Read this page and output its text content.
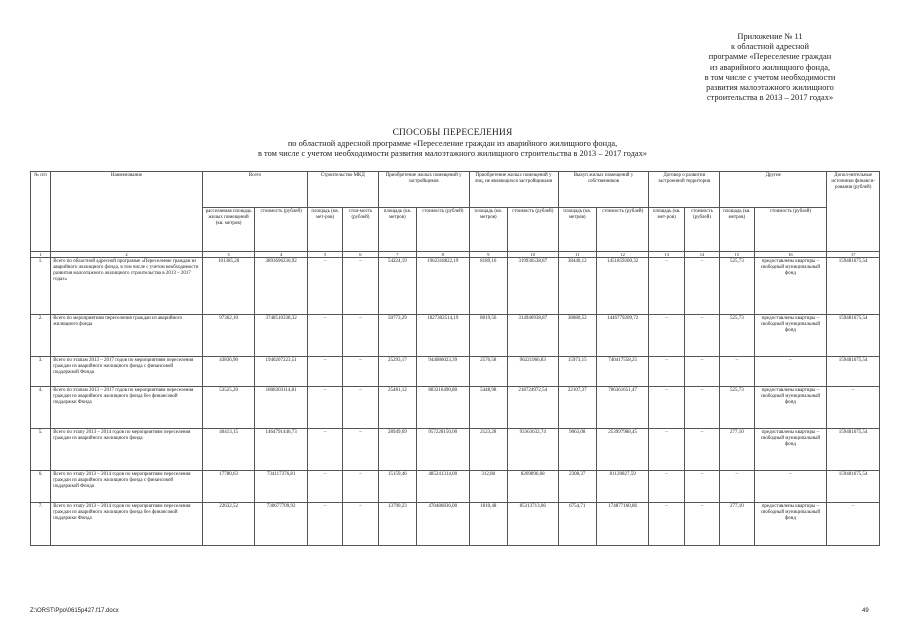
Приложение № 11
к областной адресной
программе «Переселение граждан
из аварийного жилищного фонда,
в том числе с учетом необходимости
развития малоэтажного жилищного
строительства в 2013 – 2017 годах»
СПОСОБЫ ПЕРЕСЕЛЕНИЯ
по областной адресной программе «Переселение граждан из аварийного жилищного фонда,
в том числе с учетом необходимости развития малоэтажного жилищного строительства в 2013 – 2017 годах»
№ п/п	Наименование	Всего		Строительство МКД		Приобретение жилых помещений у застройщиков		Приобретение жилых помещений у лиц, не являющихся застройщиками		Выкуп жилых помещений у собственников		Договор о развитии застроенной территории		Другие		Допол-нительные источники финанси-рования (рублей)
		расселяемая площадь жилых помещений (кв. метров)	стоимость (рублей)	площадь (кв. мет-ров)	стои-мость (рублей)	площадь (кв. метров)	стоимость (рублей)	площадь (кв. метров)	стоимость (рублей)	площадь (кв. метров)	стоимость (рублей)	площадь (кв. мет-ров)	стоимость (рублей)	площадь (кв. метров)	стоимость (рублей)	
1	2	3	4	5	6	7	8	9	10	11	12	13	14	15	16	17
1.	Всего по областной адресной программе «Переселение граждан из аварийного жилищного фонда, в том числе с учетом необходимости развития малоэтажного жилищного строительства в 2013 – 2017 годах»	101385,20	3893696236,92	–	–	54224,19	1962318822,19	8189,16	319936538,87	38446,12	1451859200,32	–	–	525,73	предоставлены квартиры – свободный муниципальный фонд	159481675,54
2.	Всего по мероприятиям переселения граждан из аварийного жилищного фонда	97362,10	3748510338,32	–	–	50773,29	1827302514,19	8019,56	314946938,87	38080,52	1446779209,72	–	–	525,73	предоставлены квартиры – свободный муниципальный фонд	159481675,54
3.	Всего по этапам 2013 – 2017 годов по мероприятиям переселения граждан из аварийного жилищного фонда с финансовой поддержкой Фонда	43836,90	1940207223,51	–	–	25293,17	944086023,39	2570,58	96221966,83	15973,15	740417558,25	–	–	–	–	159481675,54
4.	Всего по этапам 2013 – 2017 годов по мероприятиям переселения граждан из аварийного жилищного фонда без финансовой поддержки Фонда	53525,20	1808303114,81	–	–	25481,12	883216490,80	5448,98	218724972,54	22107,37	706361651,47	–	–	525,73	предоставлены квартиры – свободный муниципальный фонд	–
5.	Всего по этапу 2013 – 2014 годов по мероприятиям переселения граждан из аварийного жилищного фонда	40413,15	1464791446,73	–	–	28949,69	957228150,00	2123,28	93363632,74	9063,08	253997988,45	–	–	277,10	предоставлены квартиры – свободный муниципальный фонд	159481675,54
6.	Всего по этапу 2013 – 2014 годов по мероприятиям переселения граждан из аварийного жилищного фонда с финансовой поддержкой Фонда	17780,63	734117376,81	–	–	15159,46	485241314,00	312,80	8269896,68	2308,37	81120827,59	–	–	–	–	159481675,54
7.	Всего по этапу 2013 – 2014 годов по мероприятиям переселения граждан из аварийного жилищного фонда без финансовой поддержки Фонда	22632,52	730677709,92	–	–	13790,23	470486836,00	1810,48	85313713,06	6754,71	174877160,86	–	–	277,10	предоставлены квартиры – свободный муниципальный фонд	–
Z:\ORST\Ppo\0615p427.f17.docx	49
